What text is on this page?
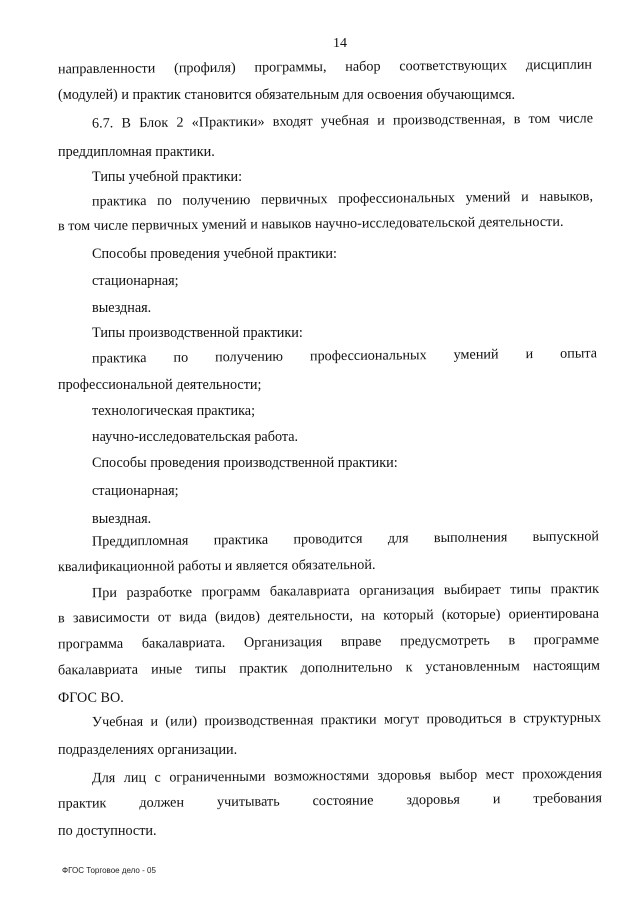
14
направленности (профиля) программы, набор соответствующих дисциплин
(модулей) и практик становится обязательным для освоения обучающимся.
6.7. В Блок 2 «Практики» входят учебная и производственная, в том числе
преддипломная практики.
Типы учебной практики:
практика по получению первичных профессиональных умений и навыков,
в том числе первичных умений и навыков научно-исследовательской деятельности.
Способы проведения учебной практики:
стационарная;
выездная.
Типы производственной практики:
практика по получению профессиональных умений и опыта
профессиональной деятельности;
технологическая практика;
научно-исследовательская работа.
Способы проведения производственной практики:
стационарная;
выездная.
Преддипломная практика проводится для выполнения выпускной
квалификационной работы и является обязательной.
При разработке программ бакалавриата организация выбирает типы практик
в зависимости от вида (видов) деятельности, на который (которые) ориентирована
программа бакалавриата. Организация вправе предусмотреть в программе
бакалавриата иные типы практик дополнительно к установленным настоящим
ФГОС ВО.
Учебная и (или) производственная практики могут проводиться в структурных
подразделениях организации.
Для лиц с ограниченными возможностями здоровья выбор мест прохождения
практик должен учитывать состояние здоровья и требования
по доступности.
ФГОС Торговое дело - 05
